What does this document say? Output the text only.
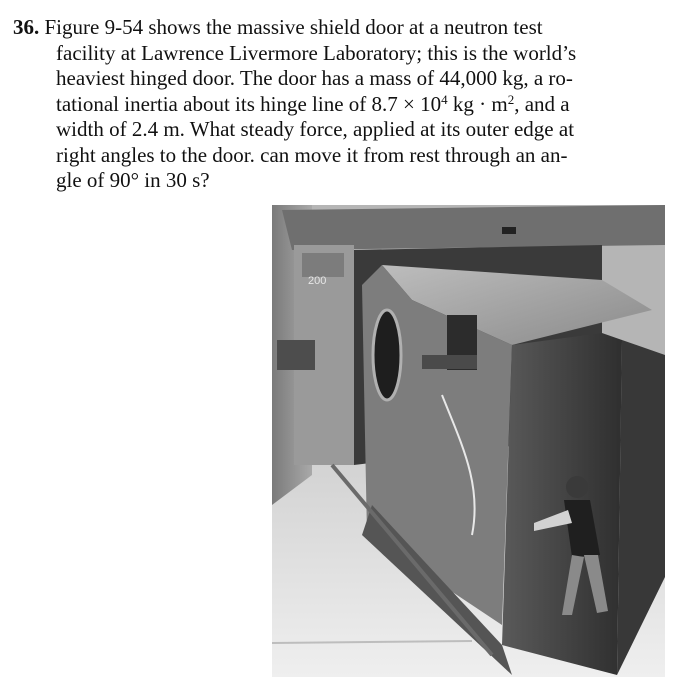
36. Figure 9-54 shows the massive shield door at a neutron test
facility at Lawrence Livermore Laboratory; this is the world’s
heaviest hinged door. The door has a mass of 44,000 kg, a ro-
tational inertia about its hinge line of $8.7 \times 10^4$ kg · $m^2$, and a
width of 2.4 m. What steady force, applied at its outer edge at
right angles to the door. can move it from rest through an an-
gle of 90° in 30 s?
200
